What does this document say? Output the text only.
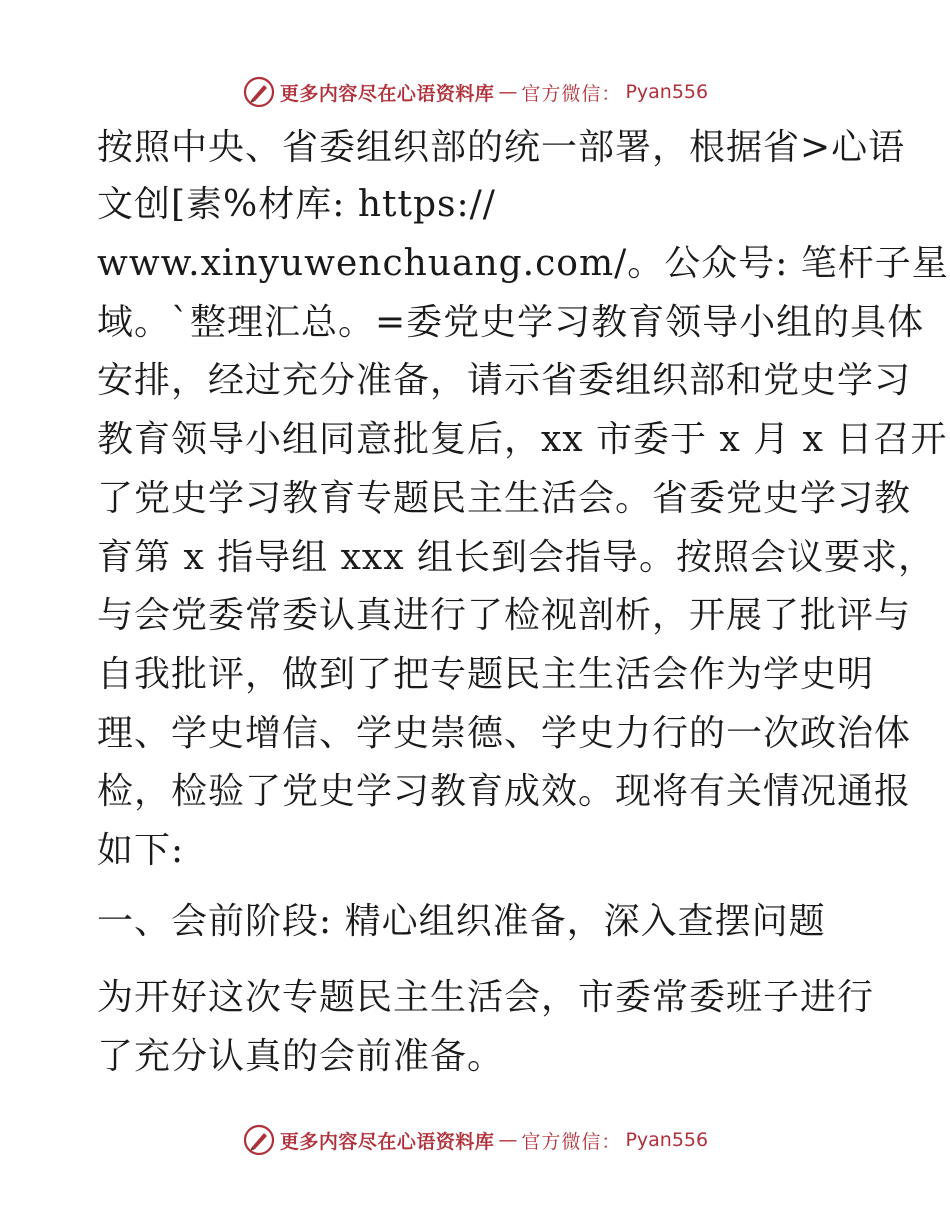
更多内容尽在心语资料库 — 官方微信： Pyan556
按照中央、省委组织部的统一部署，根据省>心语
文创[素%材库: https://
www.xinyuwenchuang.com/。公众号: 笔杆子星
域。`整理汇总。=委党史学习教育领导小组的具体
安排，经过充分准备，请示省委组织部和党史学习
教育领导小组同意批复后，xx 市委于 x 月 x 日召开
了党史学习教育专题民主生活会。省委党史学习教
育第 x 指导组 xxx 组长到会指导。按照会议要求，
与会党委常委认真进行了检视剖析，开展了批评与
自我批评，做到了把专题民主生活会作为学史明
理、学史增信、学史崇德、学史力行的一次政治体
检，检验了党史学习教育成效。现将有关情况通报
如下:
一、会前阶段: 精心组织准备，深入查摆问题
为开好这次专题民主生活会，市委常委班子进行
了充分认真的会前准备。
更多内容尽在心语资料库 — 官方微信： Pyan556
